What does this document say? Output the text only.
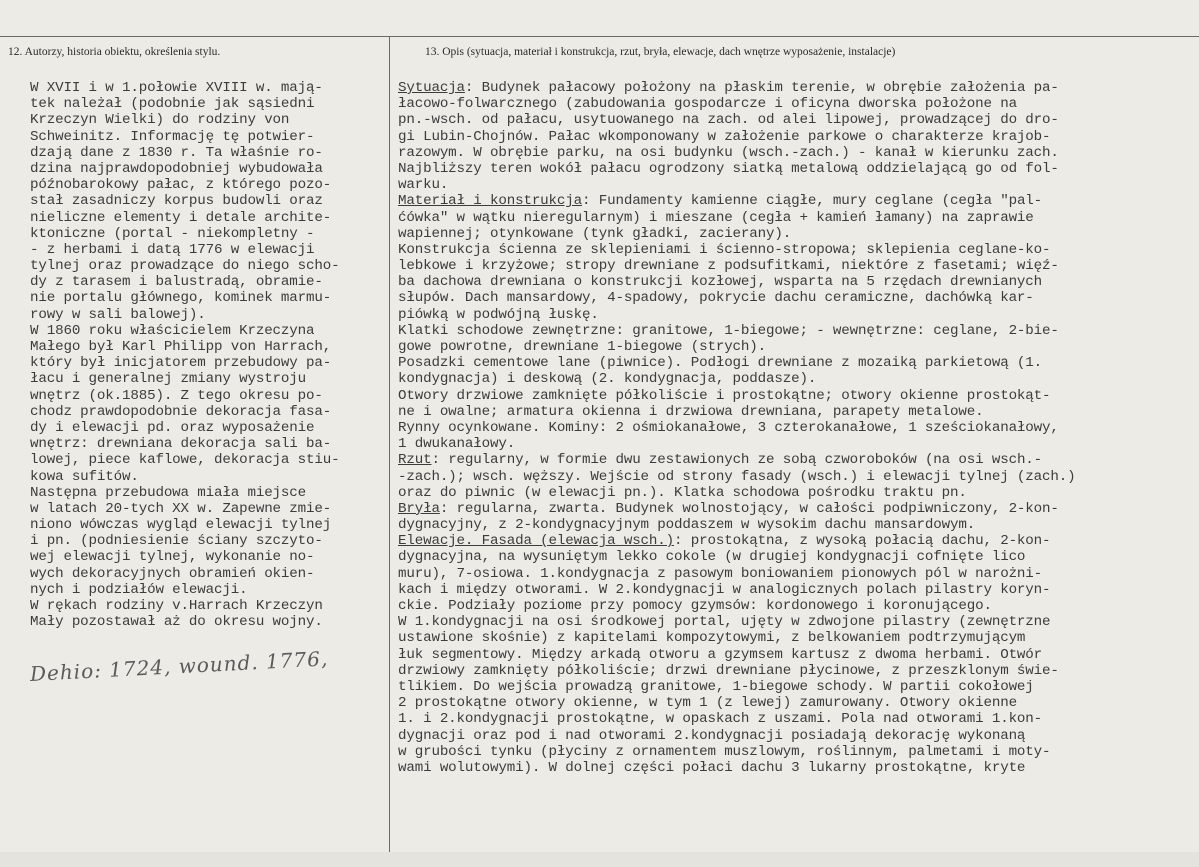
12. Autorzy, historia obiektu, określenia stylu.	13. Opis (sytuacja, materiał i konstrukcja, rzut, bryła, elewacje, dach wnętrze wyposażenie, instalacje)
W XVII i w 1.połowie XVIII w. mają-
tek należał (podobnie jak sąsiedni
Krzeczyn Wielki) do rodziny von
Schweinitz. Informację tę potwier-
dzają dane z 1830 r. Ta właśnie ro-
dzina najprawdopodobniej wybudowała
późnobarokowy pałac, z którego pozo-
stał zasadniczy korpus budowli oraz
nieliczne elementy i detale archite-
ktoniczne (portal - niekompletny -
- z herbami i datą 1776 w elewacji
tylnej oraz prowadzące do niego scho-
dy z tarasem i balustradą, obramie-
nie portalu głównego, kominek marmu-
rowy w sali balowej).
W 1860 roku właścicielem Krzeczyna
Małego był Karl Philipp von Harrach,
który był inicjatorem przebudowy pa-
łacu i generalnej zmiany wystroju
wnętrz (ok.1885). Z tego okresu po-
chodz prawdopodobnie dekoracja fasa-
dy i elewacji pd. oraz wyposażenie
wnętrz: drewniana dekoracja sali ba-
lowej, piece kaflowe, dekoracja stiu-
kowa sufitów.
Następna przebudowa miała miejsce
w latach 20-tych XX w. Zapewne zmie-
niono wówczas wygląd elewacji tylnej
i pn. (podniesienie ściany szczyto-
wej elewacji tylnej, wykonanie no-
wych dekoracyjnych obramień okien-
nych i podziałów elewacji.
W rękach rodziny v.Harrach Krzeczyn
Mały pozostawał aż do okresu wojny.
Sytuacja: Budynek pałacowy położony na płaskim terenie, w obrębie założenia pa-
łacowo-folwarcznego (zabudowania gospodarcze i oficyna dworska położone na
pn.-wsch. od pałacu, usytuowanego na zach. od alei lipowej, prowadzącej do dro-
gi Lubin-Chojnów. Pałac wkomponowany w założenie parkowe o charakterze krajob-
razowym. W obrębie parku, na osi budynku (wsch.-zach.) - kanał w kierunku zach.
Najbliższy teren wokół pałacu ogrodzony siatką metalową oddzielającą go od fol-
warku.
Materiał i konstrukcja: Fundamenty kamienne ciągłe, mury ceglane (cegła "pal-
ćówka" w wątku nieregularnym) i mieszane (cegła + kamień łamany) na zaprawie
wapiennej; otynkowane (tynk gładki, zacierany).
Konstrukcja ścienna ze sklepieniami i ścienno-stropowa; sklepienia ceglane-ko-
lebkowe i krzyżowe; stropy drewniane z podsufitkami, niektóre z fasetami; więź-
ba dachowa drewniana o konstrukcji kozłowej, wsparta na 5 rzędach drewnianych
słupów. Dach mansardowy, 4-spadowy, pokrycie dachu ceramiczne, dachówką kar-
piówką w podwójną łuskę.
Klatki schodowe zewnętrzne: granitowe, 1-biegowe; - wewnętrzne: ceglane, 2-bie-
gowe powrotne, drewniane 1-biegowe (strych).
Posadzki cementowe lane (piwnice). Podłogi drewniane z mozaiką parkietową (1.
kondygnacja) i deskową (2. kondygnacja, poddasze).
Otwory drzwiowe zamknięte półkoliście i prostokątne; otwory okienne prostokąt-
ne i owalne; armatura okienna i drzwiowa drewniana, parapety metalowe.
Rynny ocynkowane. Kominy: 2 ośmiokanałowe, 3 czterokanałowe, 1 sześciokanałowy,
1 dwukanałowy.
Rzut: regularny, w formie dwu zestawionych ze sobą czworoboków (na osi wsch.-
-zach.); wsch. węższy. Wejście od strony fasady (wsch.) i elewacji tylnej (zach.)
oraz do piwnic (w elewacji pn.). Klatka schodowa pośrodku traktu pn.
Bryła: regularna, zwarta. Budynek wolnostojący, w całości podpiwniczony, 2-kon-
dygnacyjny, z 2-kondygnacyjnym poddaszem w wysokim dachu mansardowym.
Elewacje. Fasada (elewacja wsch.): prostokątna, z wysoką połacią dachu, 2-kon-
dygnacyjna, na wysuniętym lekko cokole (w drugiej kondygnacji cofnięte lico
muru), 7-osiowa. 1.kondygnacja z pasowym boniowaniem pionowych pól w narożni-
kach i między otworami. W 2.kondygnacji w analogicznych polach pilastry koryn-
ckie. Podziały poziome przy pomocy gzymsów: kordonowego i koronującego.
W 1.kondygnacji na osi środkowej portal, ujęty w zdwojone pilastry (zewnętrzne
ustawione skośnie) z kapitelami kompozytowymi, z belkowaniem podtrzymującym
łuk segmentowy. Między arkadą otworu a gzymsem kartusz z dwoma herbami. Otwór
drzwiowy zamknięty półkoliście; drzwi drewniane płycinowe, z przeszklonym świe-
tlikiem. Do wejścia prowadzą granitowe, 1-biegowe schody. W partii cokołowej
2 prostokątne otwory okienne, w tym 1 (z lewej) zamurowany. Otwory okienne
1. i 2.kondygnacji prostokątne, w opaskach z uszami. Pola nad otworami 1.kon-
dygnacji oraz pod i nad otworami 2.kondygnacji posiadają dekorację wykonaną
w grubości tynku (płyciny z ornamentem muszlowym, roślinnym, palmetami i moty-
wami wolutowymi). W dolnej części połaci dachu 3 lukarny prostokątne, kryte
Dehio: 1724, wound. 1776,
